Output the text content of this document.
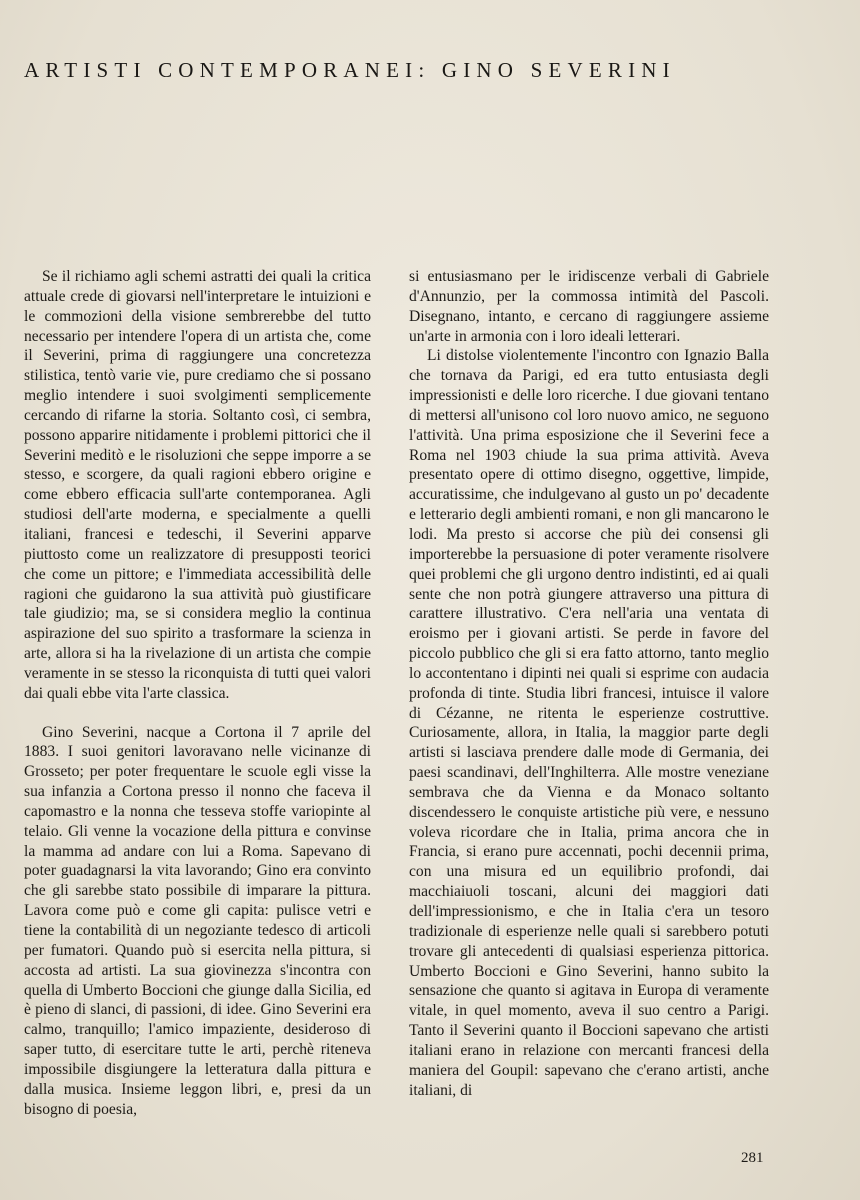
ARTISTI CONTEMPORANEI: GINO SEVERINI

Se il richiamo agli schemi astratti dei quali la critica attuale crede di giovarsi nell'interpretare le intuizioni e le commozioni della visione sembrerebbe del tutto necessario per intendere l'opera di un artista che, come il Severini, prima di raggiungere una concretezza stilistica, tentò varie vie, pure crediamo che si possano meglio intendere i suoi svolgimenti semplicemente cercando di rifarne la storia. Soltanto così, ci sembra, possono apparire nitidamente i problemi pittorici che il Severini meditò e le risoluzioni che seppe imporre a se stesso, e scorgere, da quali ragioni ebbero origine e come ebbero efficacia sull'arte contemporanea. Agli studiosi dell'arte moderna, e specialmente a quelli italiani, francesi e tedeschi, il Severini apparve piuttosto come un realizzatore di presupposti teorici che come un pittore; e l'immediata accessibilità delle ragioni che guidarono la sua attività può giustificare tale giudizio; ma, se si considera meglio la continua aspirazione del suo spirito a trasformare la scienza in arte, allora si ha la rivelazione di un artista che compie veramente in se stesso la riconquista di tutti quei valori dai quali ebbe vita l'arte classica.

Gino Severini, nacque a Cortona il 7 aprile del 1883. I suoi genitori lavoravano nelle vicinanze di Grosseto; per poter frequentare le scuole egli visse la sua infanzia a Cortona presso il nonno che faceva il capomastro e la nonna che tesseva stoffe variopinte al telaio. Gli venne la vocazione della pittura e convinse la mamma ad andare con lui a Roma. Sapevano di poter guadagnarsi la vita lavorando; Gino era convinto che gli sarebbe stato possibile di imparare la pittura. Lavora come può e come gli capita: pulisce vetri e tiene la contabilità di un negoziante tedesco di articoli per fumatori. Quando può si esercita nella pittura, si accosta ad artisti. La sua giovinezza s'incontra con quella di Umberto Boccioni che giunge dalla Sicilia, ed è pieno di slanci, di passioni, di idee. Gino Severini era calmo, tranquillo; l'amico impaziente, desideroso di saper tutto, di esercitare tutte le arti, perchè riteneva impossibile disgiungere la letteratura dalla pittura e dalla musica. Insieme leggon libri, e, presi da un bisogno di poesia,

si entusiasmano per le iridiscenze verbali di Gabriele d'Annunzio, per la commossa intimità del Pascoli. Disegnano, intanto, e cercano di raggiungere assieme un'arte in armonia con i loro ideali letterari.

Li distolse violentemente l'incontro con Ignazio Balla che tornava da Parigi, ed era tutto entusiasta degli impressionisti e delle loro ricerche. I due giovani tentano di mettersi all'unisono col loro nuovo amico, ne seguono l'attività. Una prima esposizione che il Severini fece a Roma nel 1903 chiude la sua prima attività. Aveva presentato opere di ottimo disegno, oggettive, limpide, accuratissime, che indulgevano al gusto un po' decadente e letterario degli ambienti romani, e non gli mancarono le lodi. Ma presto si accorse che più dei consensi gli importerebbe la persuasione di poter veramente risolvere quei problemi che gli urgono dentro indistinti, ed ai quali sente che non potrà giungere attraverso una pittura di carattere illustrativo. C'era nell'aria una ventata di eroismo per i giovani artisti. Se perde in favore del piccolo pubblico che gli si era fatto attorno, tanto meglio lo accontentano i dipinti nei quali si esprime con audacia profonda di tinte. Studia libri francesi, intuisce il valore di Cézanne, ne ritenta le esperienze costruttive. Curiosamente, allora, in Italia, la maggior parte degli artisti si lasciava prendere dalle mode di Germania, dei paesi scandinavi, dell'Inghilterra. Alle mostre veneziane sembrava che da Vienna e da Monaco soltanto discendessero le conquiste artistiche più vere, e nessuno voleva ricordare che in Italia, prima ancora che in Francia, si erano pure accennati, pochi decennii prima, con una misura ed un equilibrio profondi, dai macchiaiuoli toscani, alcuni dei maggiori dati dell'impressionismo, e che in Italia c'era un tesoro tradizionale di esperienze nelle quali si sarebbero potuti trovare gli antecedenti di qualsiasi esperienza pittorica. Umberto Boccioni e Gino Severini, hanno subito la sensazione che quanto si agitava in Europa di veramente vitale, in quel momento, aveva il suo centro a Parigi. Tanto il Severini quanto il Boccioni sapevano che artisti italiani erano in relazione con mercanti francesi della maniera del Goupil: sapevano che c'erano artisti, anche italiani, di

281
